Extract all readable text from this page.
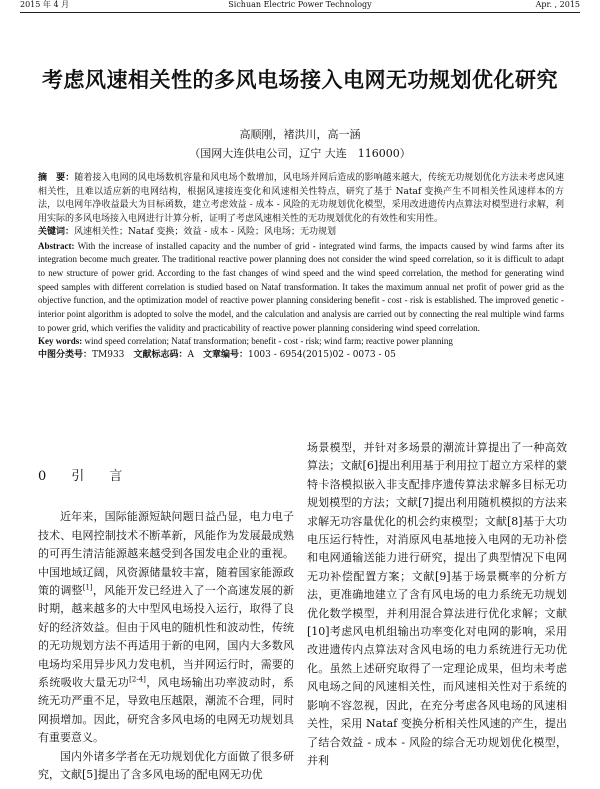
2015 年 4 月	Sichuan Electric Power Technology	Apr. , 2015
考虑风速相关性的多风电场接入电网无功规划优化研究
高顺刚，褚洪川，高一涵
（国网大连供电公司，辽宁 大连　116000）

摘　要：随着接入电网的风电场数机容量和风电场个数增加，风电场并网后造成的影响越来越大，传统无功规划优化方法未考虑风速相关性，且难以适应新的电网结构，根据风速接连变化和风速相关性特点，研究了基于 Nataf 变换产生不同相关性风速样本的方法，以电网年净收益最大为目标函数，建立考虑效益 - 成本 - 风险的无功规划优化模型，采用改进遗传内点算法对模型进行求解，利用实际的多风电场接入电网进行计算分析，证明了考虑风速相关性的无功规划优化的有效性和实用性。

关键词：风速相关性；Nataf 变换；效益 - 成本 - 风险；风电场；无功规划

Abstract: With the increase of installed capacity and the number of grid - integrated wind farms, the impacts caused by wind farms after its integration become much greater. The traditional reactive power planning does not consider the wind speed correlation, so it is difficult to adapt to new structure of power grid. According to the fast changes of wind speed and the wind speed correlation, the method for generating wind speed samples with different correlation is studied based on Nataf transformation. It takes the maximum annual net profit of power grid as the objective function, and the optimization model of reactive power planning considering benefit - cost - risk is established. The improved genetic - interior point algorithm is adopted to solve the model, and the calculation and analysis are carried out by connecting the real multiple wind farms to power grid, which verifies the validity and practicability of reactive power planning considering wind speed correlation.

Key words: wind speed correlation; Nataf transformation; benefit - cost - risk; wind farm; reactive power planning

中图分类号：TM933　 文献标志码：A　 文章编号：1003 - 6954(2015)02 - 0073 - 05

0　 引　言

近年来，国际能源短缺问题日益凸显，电力电子技术、电网控制技术不断革新，风能作为发展最成熟的可再生清洁能源越来越受到各国发电企业的重视。中国地域辽阔，风资源储量较丰富，随着国家能源政策的调整[1]，风能开发已经进入了一个高速发展的新时期，越来越多的大中型风电场投入运行，取得了良好的经济效益。但由于风电的随机性和波动性，传统的无功规划方法不再适用于新的电网，国内大多数风电场均采用异步风力发电机，当并网运行时，需要的系统吸收大量无功[2-4]，风电场输出功率波动时，系统无功严重不足，导致电压越限，潮流不合理，同时网损增加。因此，研究含多风电场的电网无功规划具有重要意义。

国内外诸多学者在无功规划优化方面做了很多研究，文献[5]提出了含多风电场的配电网无功优

场景模型，并针对多场景的潮流计算提出了一种高效算法；文献[6]提出利用基于利用拉丁超立方采样的蒙特卡洛模拟嵌入非支配排序遗传算法求解多目标无功规划模型的方法；文献[7]提出利用随机模拟的方法来求解无功容量优化的机会约束模型；文献[8]基于大功电压运行特性，对消原风电基地接入电网的无功补偿和电网通输送能力进行研究，提出了典型情况下电网无功补偿配置方案；文献[9]基于场景概率的分析方法，更准确地建立了含有风电场的电力系统无功规划优化数学模型，并利用混合算法进行优化求解；文献[10]考虑风电机组输出功率变化对电网的影响，采用改进遗传内点算法对含风电场的电力系统进行无功优化。虽然上述研究取得了一定理论成果，但均未考虑风电场之间的风速相关性，而风速相关性对于系统的影响不容忽视，因此，在充分考虑各风电场的风速相关性，采用 Nataf 变换分析相关性风速的产生，提出了结合效益 - 成本 - 风险的综合无功规划优化模型，并利
